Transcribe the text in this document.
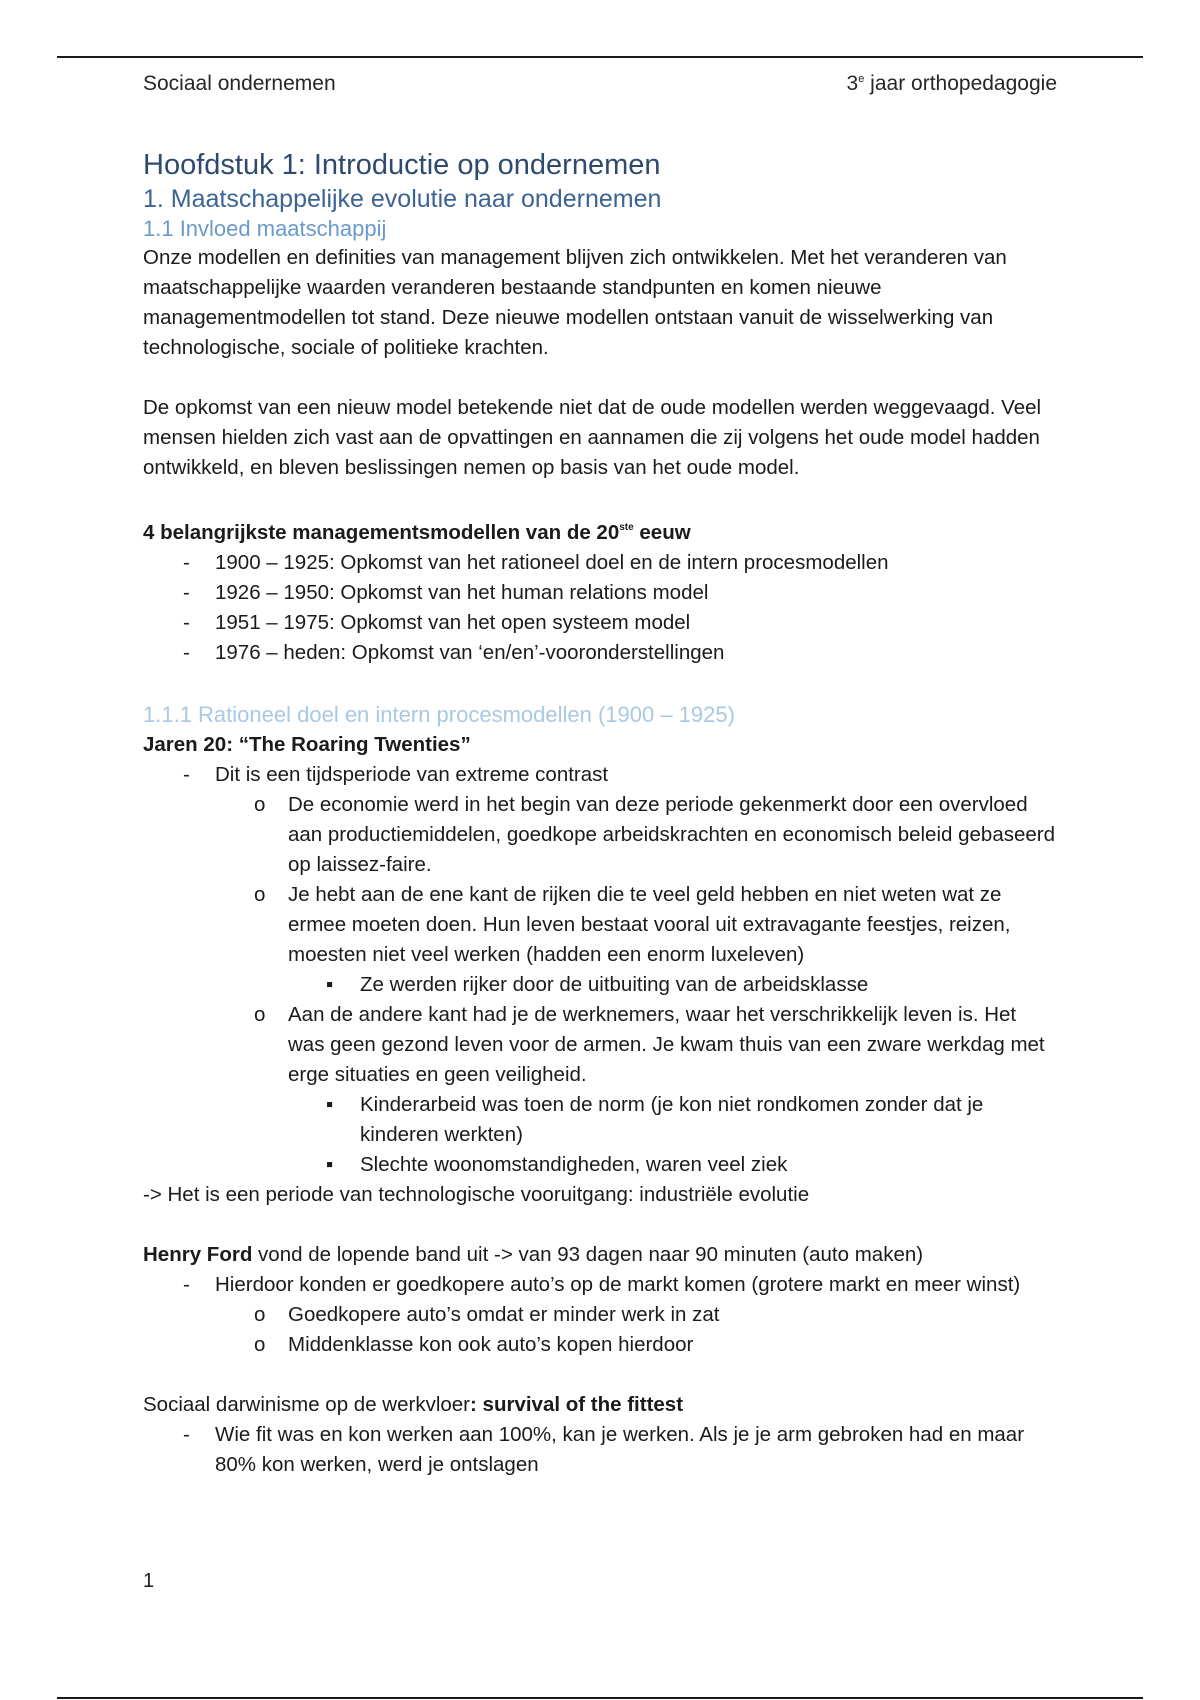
Sociaal ondernemen	3e jaar orthopedagogie
Hoofdstuk 1: Introductie op ondernemen
1. Maatschappelijke evolutie naar ondernemen
1.1 Invloed maatschappij

Onze modellen en definities van management blijven zich ontwikkelen. Met het veranderen van maatschappelijke waarden veranderen bestaande standpunten en komen nieuwe managementmodellen tot stand. Deze nieuwe modellen ontstaan vanuit de wisselwerking van technologische, sociale of politieke krachten.

De opkomst van een nieuw model betekende niet dat de oude modellen werden weggevaagd. Veel mensen hielden zich vast aan de opvattingen en aannamen die zij volgens het oude model hadden ontwikkeld, en bleven beslissingen nemen op basis van het oude model.

4 belangrijkste managementsmodellen van de 20ste eeuw

- 1900 – 1925: Opkomst van het rationeel doel en de intern procesmodellen
- 1926 – 1950: Opkomst van het human relations model
- 1951 – 1975: Opkomst van het open systeem model
- 1976 – heden: Opkomst van ‘en/en’-vooronderstellingen
1.1.1 Rationeel doel en intern procesmodellen (1900 – 1925)

Jaren 20: “The Roaring Twenties”

- Dit is een tijdsperiode van extreme contrast
o De economie werd in het begin van deze periode gekenmerkt door een overvloed aan productiemiddelen, goedkope arbeidskrachten en economisch beleid gebaseerd op laissez-faire.
o Je hebt aan de ene kant de rijken die te veel geld hebben en niet weten wat ze ermee moeten doen. Hun leven bestaat vooral uit extravagante feestjes, reizen, moesten niet veel werken (hadden een enorm luxeleven)
▪ Ze werden rijker door de uitbuiting van de arbeidsklasse
o Aan de andere kant had je de werknemers, waar het verschrikkelijk leven is. Het was geen gezond leven voor de armen. Je kwam thuis van een zware werkdag met erge situaties en geen veiligheid.
▪ Kinderarbeid was toen de norm (je kon niet rondkomen zonder dat je kinderen werkten)
▪ Slechte woonomstandigheden, waren veel ziek

-> Het is een periode van technologische vooruitgang: industriële evolutie

Henry Ford vond de lopende band uit -> van 93 dagen naar 90 minuten (auto maken)

- Hierdoor konden er goedkopere auto’s op de markt komen (grotere markt en meer winst)
o Goedkopere auto’s omdat er minder werk in zat
o Middenklasse kon ook auto’s kopen hierdoor

Sociaal darwinisme op de werkvloer: survival of the fittest

- Wie fit was en kon werken aan 100%, kan je werken. Als je je arm gebroken had en maar 80% kon werken, werd je ontslagen
1
